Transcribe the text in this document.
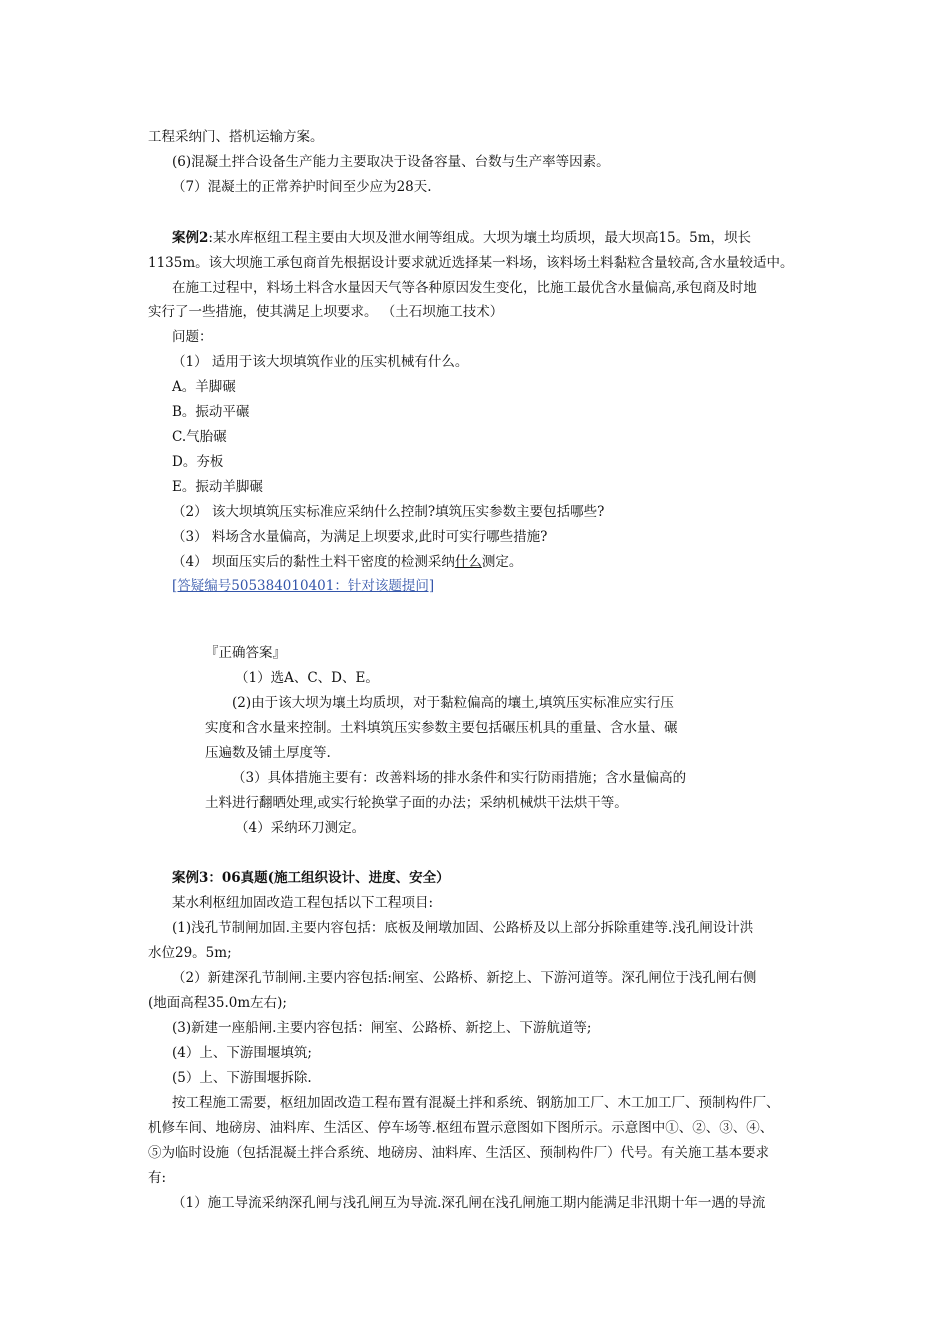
工程采纳门、搭机运输方案。
(6)混凝土拌合设备生产能力主要取决于设备容量、台数与生产率等因素。
（7）混凝土的正常养护时间至少应为28天.
案例2:某水库枢纽工程主要由大坝及泄水闸等组成。大坝为壤土均质坝，最大坝高15。5m，坝长
1135m。该大坝施工承包商首先根据设计要求就近选择某一料场，该料场土料黏粒含量较高,含水量较适中。
在施工过程中，料场土料含水量因天气等各种原因发生变化，比施工最优含水量偏高,承包商及时地
实行了一些措施，使其满足上坝要求。 （土石坝施工技术）
问题：
（1） 适用于该大坝填筑作业的压实机械有什么。
A。羊脚碾
B。振动平碾
C.气胎碾
D。夯板
E。振动羊脚碾
（2） 该大坝填筑压实标准应采纳什么控制?填筑压实参数主要包括哪些?
（3） 料场含水量偏高，为满足上坝要求,此时可实行哪些措施?
（4） 坝面压实后的黏性土料干密度的检测采纳什么测定。
[答疑编号505384010401：针对该题提问]
『正确答案』
（1）选A、C、D、E。
(2)由于该大坝为壤土均质坝，对于黏粒偏高的壤土,填筑压实标准应实行压
实度和含水量来控制。土料填筑压实参数主要包括碾压机具的重量、含水量、碾
压遍数及铺土厚度等.
（3）具体措施主要有：改善料场的排水条件和实行防雨措施；含水量偏高的
土料进行翻晒处理,或实行轮换掌子面的办法；采纳机械烘干法烘干等。
（4）采纳环刀测定。
案例3：06真题(施工组织设计、进度、安全）
某水利枢纽加固改造工程包括以下工程项目:
(1)浅孔节制闸加固.主要内容包括：底板及闸墩加固、公路桥及以上部分拆除重建等.浅孔闸设计洪
水位29。5m;
（2）新建深孔节制闸.主要内容包括:闸室、公路桥、新挖上、下游河道等。深孔闸位于浅孔闸右侧
(地面高程35.0m左右);
(3)新建一座船闸.主要内容包括：闸室、公路桥、新挖上、下游航道等;
(4）上、下游围堰填筑;
(5）上、下游围堰拆除.
按工程施工需要，枢纽加固改造工程布置有混凝土拌和系统、钢筋加工厂、木工加工厂、预制构件厂、
机修车间、地磅房、油料库、生活区、停车场等.枢纽布置示意图如下图所示。示意图中①、②、③、④、
⑤为临时设施（包括混凝土拌合系统、地磅房、油料库、生活区、预制构件厂）代号。有关施工基本要求
有:
（1）施工导流采纳深孔闸与浅孔闸互为导流.深孔闸在浅孔闸施工期内能满足非汛期十年一遇的导流
